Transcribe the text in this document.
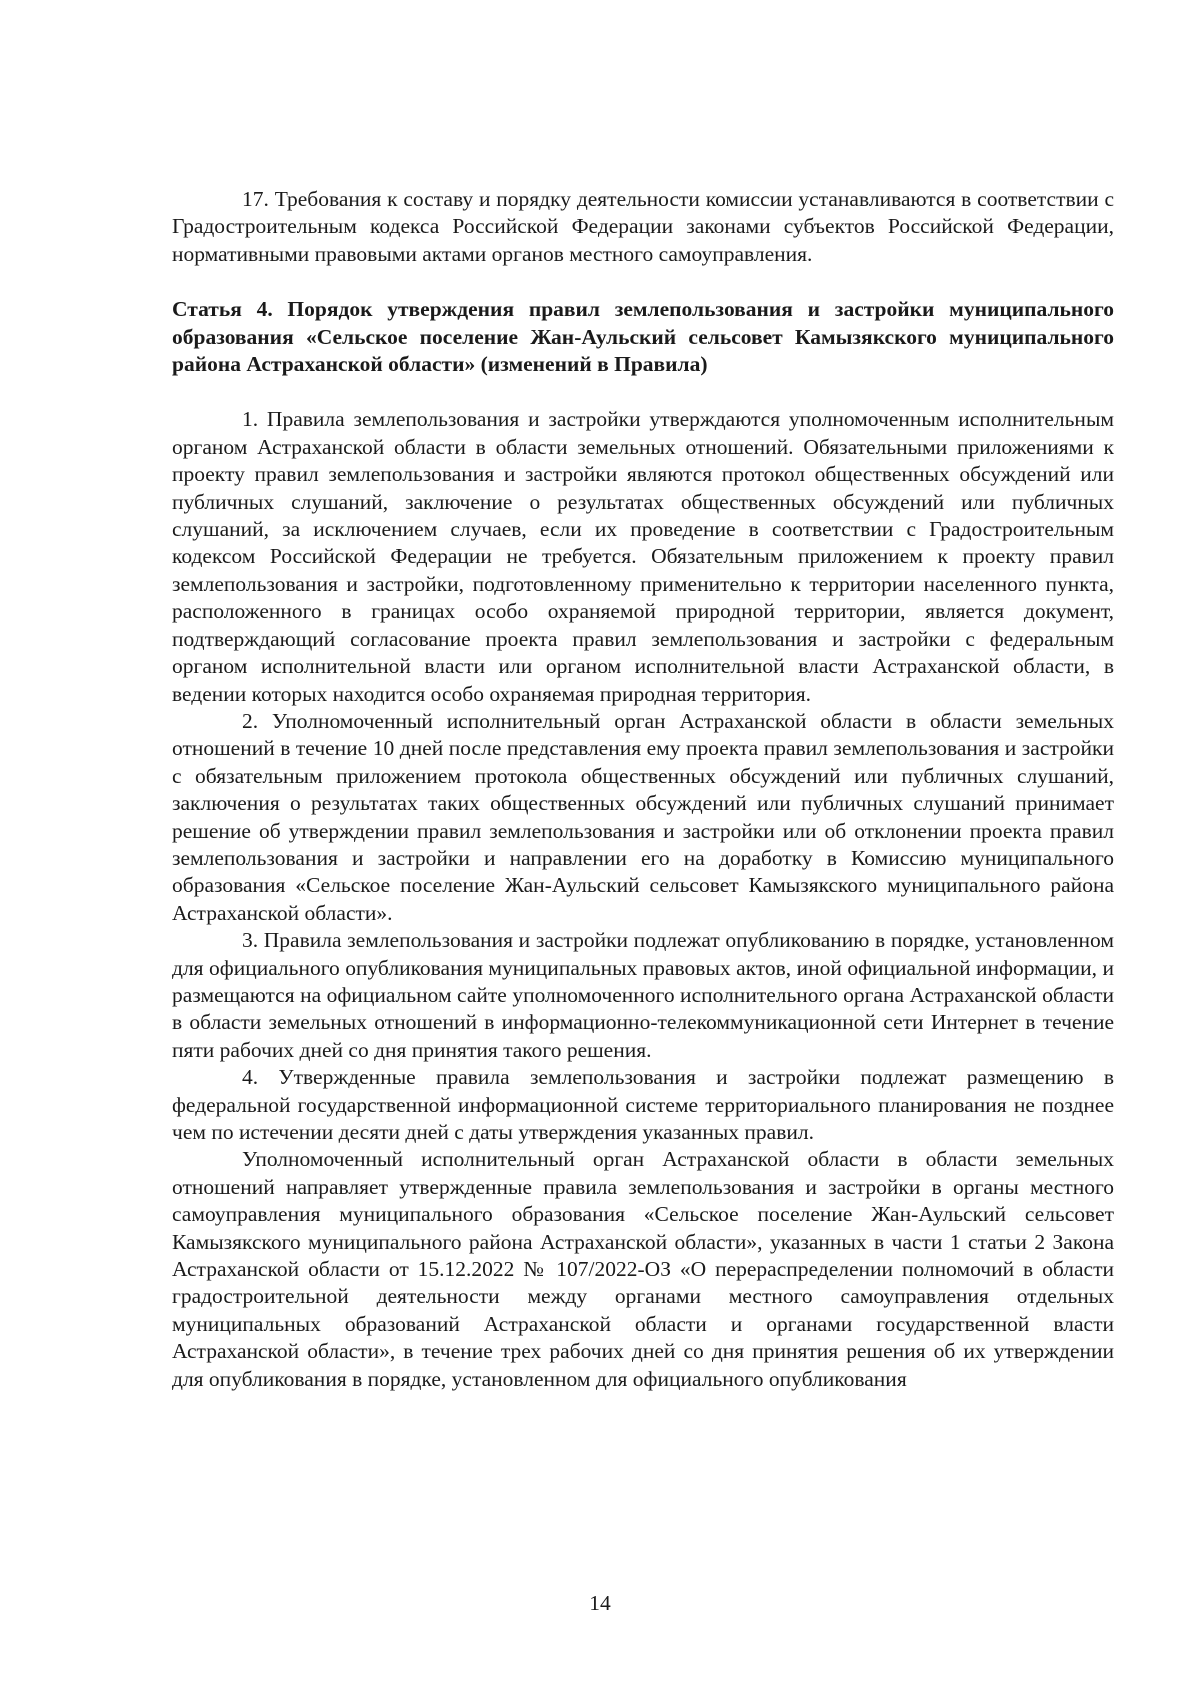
17. Требования к составу и порядку деятельности комиссии устанавливаются в соответствии с Градостроительным кодекса Российской Федерации законами субъектов Российской Федерации, нормативными правовыми актами органов местного самоуправления.

Статья 4. Порядок утверждения правил землепользования и застройки муниципального образования «Сельское поселение Жан-Аульский сельсовет Камызякского муниципального района Астраханской области» (изменений в Правила)

1. Правила землепользования и застройки утверждаются уполномоченным исполнительным органом Астраханской области в области земельных отношений. Обязательными приложениями к проекту правил землепользования и застройки являются протокол общественных обсуждений или публичных слушаний, заключение о результатах общественных обсуждений или публичных слушаний, за исключением случаев, если их проведение в соответствии с Градостроительным кодексом Российской Федерации не требуется. Обязательным приложением к проекту правил землепользования и застройки, подготовленному применительно к территории населенного пункта, расположенного в границах особо охраняемой природной территории, является документ, подтверждающий согласование проекта правил землепользования и застройки с федеральным органом исполнительной власти или органом исполнительной власти Астраханской области, в ведении которых находится особо охраняемая природная территория.

2. Уполномоченный исполнительный орган Астраханской области в области земельных отношений в течение 10 дней после представления ему проекта правил землепользования и застройки с обязательным приложением протокола общественных обсуждений или публичных слушаний, заключения о результатах таких общественных обсуждений или публичных слушаний принимает решение об утверждении правил землепользования и застройки или об отклонении проекта правил землепользования и застройки и направлении его на доработку в Комиссию муниципального образования «Сельское поселение Жан-Аульский сельсовет Камызякского муниципального района Астраханской области».

3. Правила землепользования и застройки подлежат опубликованию в порядке, установленном для официального опубликования муниципальных правовых актов, иной официальной информации, и размещаются на официальном сайте уполномоченного исполнительного органа Астраханской области в области земельных отношений в информационно-телекоммуникационной сети Интернет в течение пяти рабочих дней со дня принятия такого решения.

4. Утвержденные правила землепользования и застройки подлежат размещению в федеральной государственной информационной системе территориального планирования не позднее чем по истечении десяти дней с даты утверждения указанных правил.

Уполномоченный исполнительный орган Астраханской области в области земельных отношений направляет утвержденные правила землепользования и застройки в органы местного самоуправления муниципального образования «Сельское поселение Жан-Аульский сельсовет Камызякского муниципального района Астраханской области», указанных в части 1 статьи 2 Закона Астраханской области от 15.12.2022 № 107/2022-ОЗ «О перераспределении полномочий в области градостроительной деятельности между органами местного самоуправления отдельных муниципальных образований Астраханской области и органами государственной власти Астраханской области», в течение трех рабочих дней со дня принятия решения об их утверждении для опубликования в порядке, установленном для официального опубликования

14
